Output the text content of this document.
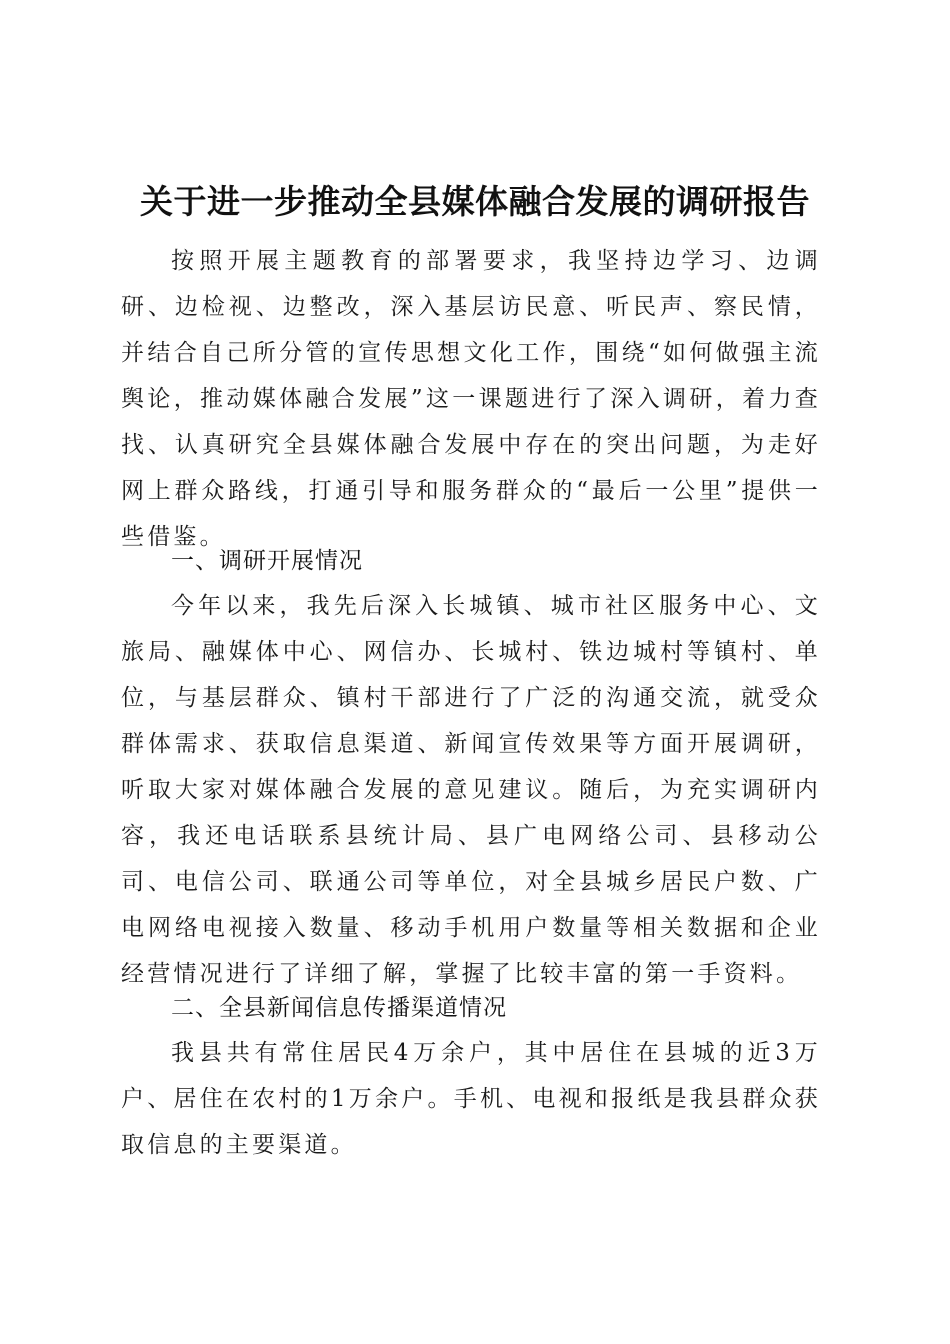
关于进一步推动全县媒体融合发展的调研报告

按照开展主题教育的部署要求，我坚持边学习、边调研、边检视、边整改，深入基层访民意、听民声、察民情，并结合自己所分管的宣传思想文化工作，围绕“如何做强主流舆论，推动媒体融合发展”这一课题进行了深入调研，着力查找、认真研究全县媒体融合发展中存在的突出问题，为走好网上群众路线，打通引导和服务群众的“最后一公里”提供一些借鉴。

一、调研开展情况

今年以来，我先后深入长城镇、城市社区服务中心、文旅局、融媒体中心、网信办、长城村、铁边城村等镇村、单位，与基层群众、镇村干部进行了广泛的沟通交流，就受众群体需求、获取信息渠道、新闻宣传效果等方面开展调研，听取大家对媒体融合发展的意见建议。随后，为充实调研内容，我还电话联系县统计局、县广电网络公司、县移动公司、电信公司、联通公司等单位，对全县城乡居民户数、广电网络电视接入数量、移动手机用户数量等相关数据和企业经营情况进行了详细了解，掌握了比较丰富的第一手资料。

二、全县新闻信息传播渠道情况

我县共有常住居民4万余户，其中居住在县城的近3万户、居住在农村的1万余户。手机、电视和报纸是我县群众获取信息的主要渠道。
